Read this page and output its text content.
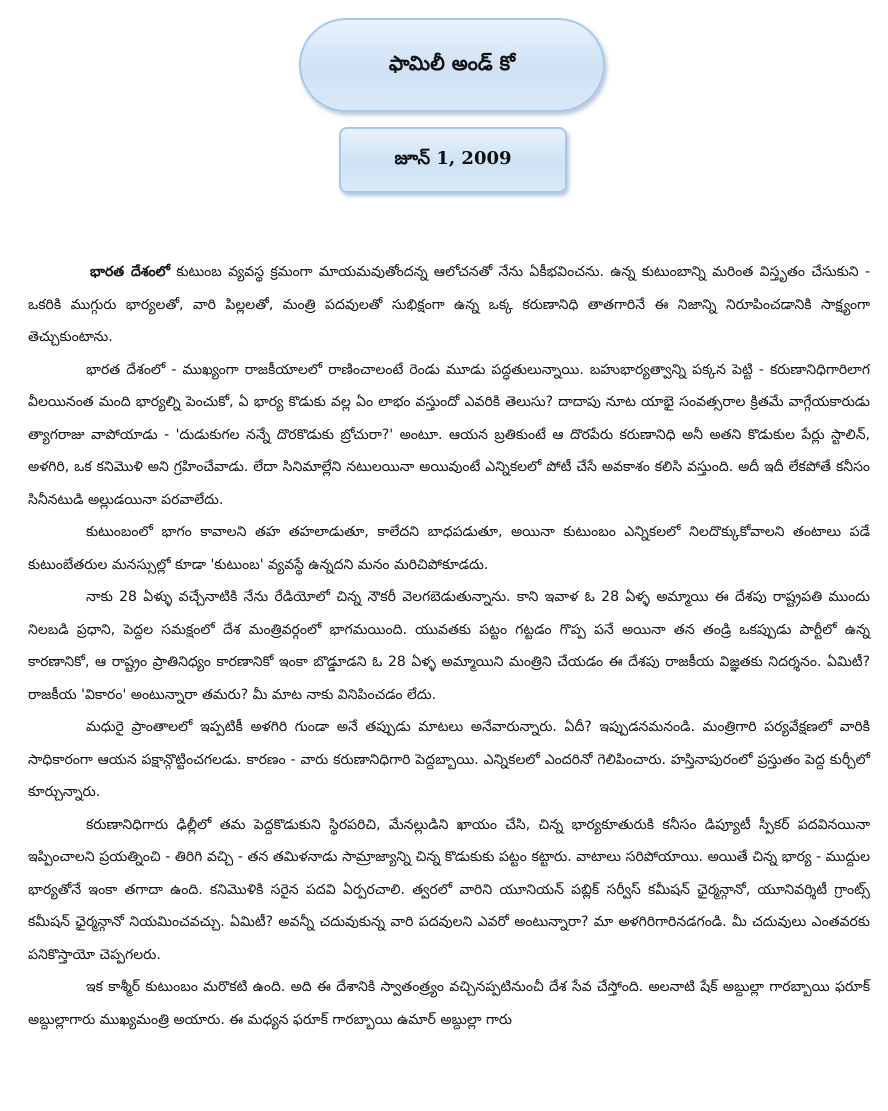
ఫామిలీ అండ్ కో
జూన్ 1, 2009

భారత దేశంలో కుటుంబ వ్యవస్థ క్రమంగా మాయమవుతోందన్న ఆలోచనతో నేను ఏకీభవించను. ఉన్న కుటుంబాన్ని మరింత విస్తృతం చేసుకుని - ఒకరికి ముగ్గురు భార్యలతో, వారి పిల్లలతో, మంత్రి పదవులతో సుభిక్షంగా ఉన్న ఒక్క కరుణానిధి తాతగారినే ఈ నిజాన్ని నిరూపించడానికి సాక్ష్యంగా తెచ్చుకుంటాను.

భారత దేశంలో - ముఖ్యంగా రాజకీయాలలో రాణించాలంటే రెండు మూడు పద్ధతులున్నాయి. బహుభార్యత్వాన్ని పక్కన పెట్టి - కరుణానిధిగారిలాగ వీలయినంత మంది భార్యల్ని పెంచుకో, ఏ భార్య కొడుకు వల్ల ఏం లాభం వస్తుందో ఎవరికి తెలుసు? దాదాపు నూట యాభై సంవత్సరాల క్రితమే వాగ్గేయకారుడు త్యాగరాజు వాపోయాడు - 'దుడుకుగల నన్నే దొరకొడుకు బ్రోచురా?' అంటూ. ఆయన బ్రతికుంటే ఆ దొరపేరు కరుణానిధి అనీ అతని కొడుకుల పేర్లు స్టాలిన్, అళగిరి, ఒక కనిమొళి అని గ్రహించేవాడు. లేదా సినిమాల్లేని నటులయినా అయివుంటే ఎన్నికలలో పోటీ చేసే అవకాశం కలిసి వస్తుంది. అదీ ఇదీ లేకపోతే కనీసం సినీనటుడి అల్లుడయినా పరవాలేదు.

కుటుంబంలో భాగం కావాలని తహ తహలాడుతూ, కాలేదని బాధపడుతూ, అయినా కుటుంబం ఎన్నికలలో నిలదొక్కుకోవాలని తంటాలు పడే కుటుంబేతరుల మనస్సుల్లో కూడా 'కుటుంబ' వ్యవస్థే ఉన్నదని మనం మరిచిపోకూడదు.

నాకు 28 ఏళ్ళు వచ్చేనాటికి నేను రేడియోలో చిన్న నౌకరీ వెలగబెడుతున్నాను. కాని ఇవాళ ఓ 28 ఏళ్ళ అమ్మాయి ఈ దేశపు రాష్ట్రపతి ముందు నిలబడి ప్రధాని, పెద్దల సమక్షంలో దేశ మంత్రివర్గంలో భాగమయింది. యువతకు పట్టం గట్టడం గొప్ప పనే అయినా తన తండ్రి ఒకప్పుడు పార్టీలో ఉన్న కారణానికో, ఆ రాష్ట్రం ప్రాతినిధ్యం కారణానికో ఇంకా బొడ్డూడని ఓ 28 ఏళ్ళ అమ్మాయిని మంత్రిని చేయడం ఈ దేశపు రాజకీయ విజ్ఞతకు నిదర్శనం. ఏమిటీ? రాజకీయ 'వికారం' అంటున్నారా తమరు? మీ మాట నాకు వినిపించడం లేదు.

మధురై ప్రాంతాలలో ఇప్పటికీ అళగిరి గుండా అనే తప్పుడు మాటలు అనేవారున్నారు. ఏదీ? ఇప్పుడనమనండి. మంత్రిగారి పర్యవేక్షణలో వారికి సాధికారంగా ఆయన పక్షాన్గొట్టించగలడు. కారణం - వారు కరుణానిధిగారి పెద్దబ్బాయి. ఎన్నికలలో ఎందరినో గెలిపించారు. హస్తినాపురంలో ప్రస్తుతం పెద్ద కుర్చీలో కూర్చున్నారు.

కరుణానిధిగారు ఢిల్లీలో తమ పెద్దకొడుకుని స్థిరపరిచి, మేనల్లుడిని ఖాయం చేసి, చిన్న భార్యకూతురుకి కనీసం డిప్యూటీ స్పీకర్ పదవినయినా ఇప్పించాలని ప్రయత్నించి - తిరిగి వచ్చి - తన తమిళనాడు సామ్రాజ్యాన్ని చిన్న కొడుకుకు పట్టం కట్టారు. వాటాలు సరిపోయాయి. అయితే చిన్న భార్య - ముద్దుల భార్యతోనే ఇంకా తగాదా ఉంది. కనిమొళికి సరైన పదవి ఏర్పరచాలి. త్వరలో వారిని యూనియన్ పబ్లిక్ సర్వీస్ కమీషన్ ఛైర్మన్గానో, యూనివర్శిటీ గ్రాంట్స్ కమీషన్ ఛైర్మన్గానో నియమించవచ్చు. ఏమిటీ? అవన్నీ చదువుకున్న వారి పదవులని ఎవరో అంటున్నారా? మా అళగిరిగారినడగండి. మీ చదువులు ఎంతవరకు పనికొస్తాయో చెప్పగలరు.

ఇక కాశ్మీర్ కుటుంబం మరొకటి ఉంది. అది ఈ దేశానికి స్వాతంత్ర్యం వచ్చినప్పటినుంచీ దేశ సేవ చేస్తోంది. అలనాటి షేక్ అబ్దుల్లా గారబ్బాయి ఫరూక్ అబ్దుల్లాగారు ముఖ్యమంత్రి అయారు. ఈ మధ్యన ఫరూక్ గారబ్బాయి ఉమార్ అబ్దుల్లా గారు
